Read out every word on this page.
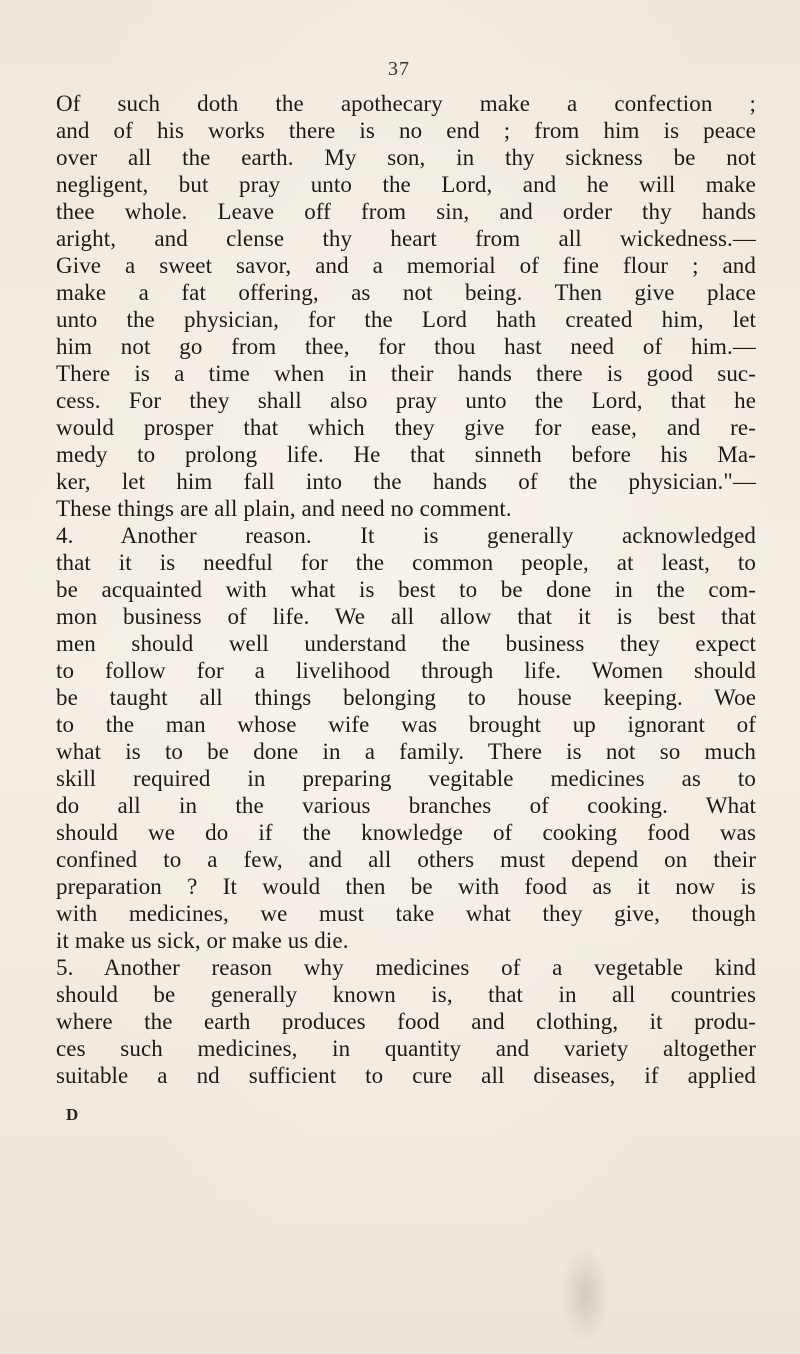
37
Of such doth the apothecary make a confection ;
and of his works there is no end ; from him is peace
over all the earth. My son, in thy sickness be not
negligent, but pray unto the Lord, and he will make
thee whole. Leave off from sin, and order thy hands
aright, and clense thy heart from all wickedness.—
Give a sweet savor, and a memorial of fine flour ; and
make a fat offering, as not being. Then give place
unto the physician, for the Lord hath created him, let
him not go from thee, for thou hast need of him.—
There is a time when in their hands there is good suc-
cess. For they shall also pray unto the Lord, that he
would prosper that which they give for ease, and re-
medy to prolong life. He that sinneth before his Ma-
ker, let him fall into the hands of the physician."—
These things are all plain, and need no comment.
4. Another reason. It is generally acknowledged
that it is needful for the common people, at least, to
be acquainted with what is best to be done in the com-
mon business of life. We all allow that it is best that
men should well understand the business they expect
to follow for a livelihood through life. Women should
be taught all things belonging to house keeping. Woe
to the man whose wife was brought up ignorant of
what is to be done in a family. There is not so much
skill required in preparing vegitable medicines as to
do all in the various branches of cooking. What
should we do if the knowledge of cooking food was
confined to a few, and all others must depend on their
preparation ? It would then be with food as it now is
with medicines, we must take what they give, though
it make us sick, or make us die.
5. Another reason why medicines of a vegetable kind
should be generally known is, that in all countries
where the earth produces food and clothing, it produ-
ces such medicines, in quantity and variety altogether
suitable a nd sufficient to cure all diseases, if applied
D
